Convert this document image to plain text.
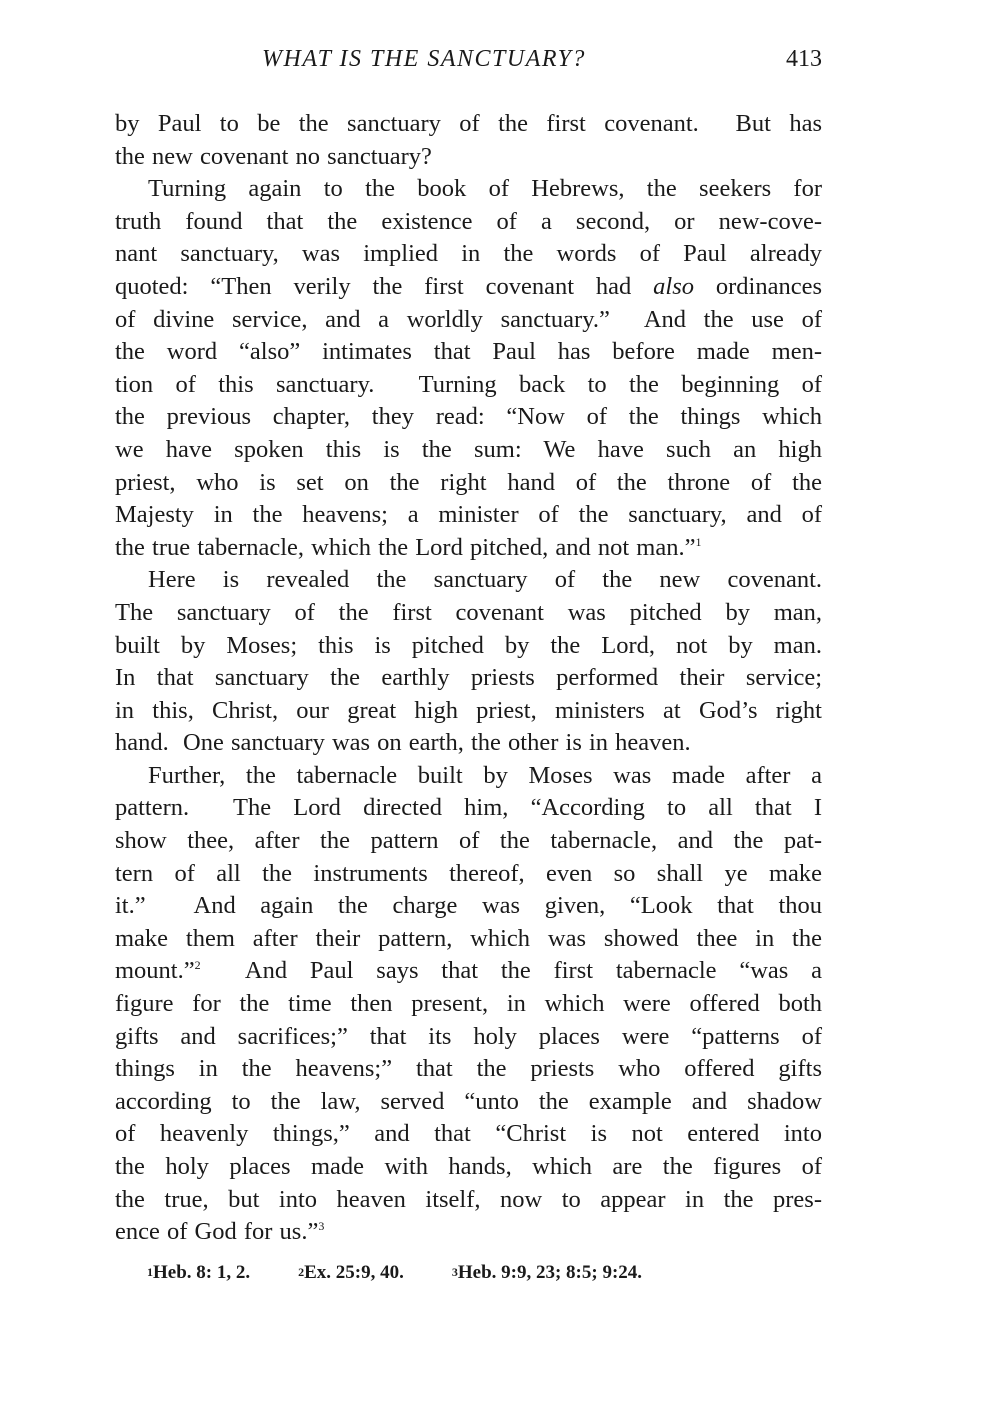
WHAT IS THE SANCTUARY?	413
by Paul to be the sanctuary of the first covenant.  But has
the new covenant no sanctuary?
Turning again to the book of Hebrews, the seekers for
truth found that the existence of a second, or new-cove-
nant sanctuary, was implied in the words of Paul already
quoted: “Then verily the first covenant had also ordinances
of divine service, and a worldly sanctuary.”  And the use of
the word “also” intimates that Paul has before made men-
tion of this sanctuary.  Turning back to the beginning of
the previous chapter, they read: “Now of the things which
we have spoken this is the sum: We have such an high
priest, who is set on the right hand of the throne of the
Majesty in the heavens; a minister of the sanctuary, and of
the true tabernacle, which the Lord pitched, and not man.”$^1$
Here is revealed the sanctuary of the new covenant.
The sanctuary of the first covenant was pitched by man,
built by Moses; this is pitched by the Lord, not by man.
In that sanctuary the earthly priests performed their service;
in this, Christ, our great high priest, ministers at God’s right
hand.  One sanctuary was on earth, the other is in heaven.
Further, the tabernacle built by Moses was made after a
pattern.  The Lord directed him, “According to all that I
show thee, after the pattern of the tabernacle, and the pat-
tern of all the instruments thereof, even so shall ye make
it.”  And again the charge was given, “Look that thou
make them after their pattern, which was showed thee in the
mount.”$^2$  And Paul says that the first tabernacle “was a
figure for the time then present, in which were offered both
gifts and sacrifices;” that its holy places were “patterns of
things in the heavens;” that the priests who offered gifts
according to the law, served “unto the example and shadow
of heavenly things,” and that “Christ is not entered into
the holy places made with hands, which are the figures of
the true, but into heaven itself, now to appear in the pres-
ence of God for us.”$^3$
$^1$Heb. 8: 1, 2.	$^2$Ex. 25:9, 40.	$^3$Heb. 9:9, 23; 8:5; 9:24.
